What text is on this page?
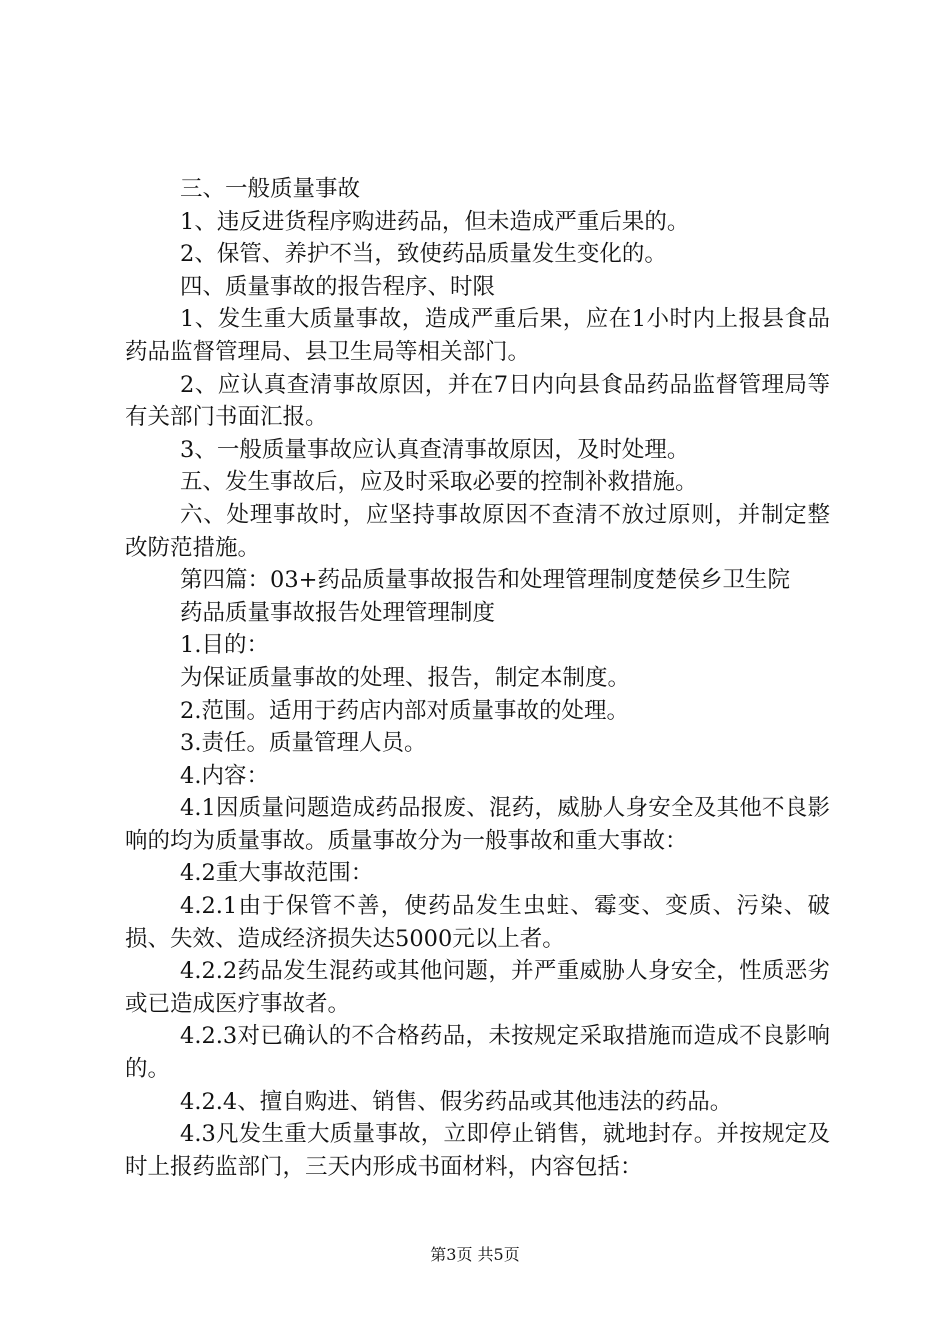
三、一般质量事故

1、违反进货程序购进药品，但未造成严重后果的。

2、保管、养护不当，致使药品质量发生变化的。

四、质量事故的报告程序、时限

1、发生重大质量事故，造成严重后果，应在1小时内上报县食品药品监督管理局、县卫生局等相关部门。

2、应认真查清事故原因，并在7日内向县食品药品监督管理局等有关部门书面汇报。

3、一般质量事故应认真查清事故原因，及时处理。

五、发生事故后，应及时采取必要的控制补救措施。

六、处理事故时，应坚持事故原因不查清不放过原则，并制定整改防范措施。

第四篇：03+药品质量事故报告和处理管理制度楚侯乡卫生院

药品质量事故报告处理管理制度

1.目的：

为保证质量事故的处理、报告，制定本制度。

2.范围。适用于药店内部对质量事故的处理。

3.责任。质量管理人员。

4.内容：

4.1因质量问题造成药品报废、混药，威胁人身安全及其他不良影响的均为质量事故。质量事故分为一般事故和重大事故：

4.2重大事故范围：

4.2.1由于保管不善，使药品发生虫蛀、霉变、变质、污染、破损、失效、造成经济损失达5000元以上者。

4.2.2药品发生混药或其他问题，并严重威胁人身安全，性质恶劣或已造成医疗事故者。

4.2.3对已确认的不合格药品，未按规定采取措施而造成不良影响的。

4.2.4、擅自购进、销售、假劣药品或其他违法的药品。

4.3凡发生重大质量事故，立即停止销售，就地封存。并按规定及时上报药监部门，三天内形成书面材料，内容包括：

第3页 共5页
